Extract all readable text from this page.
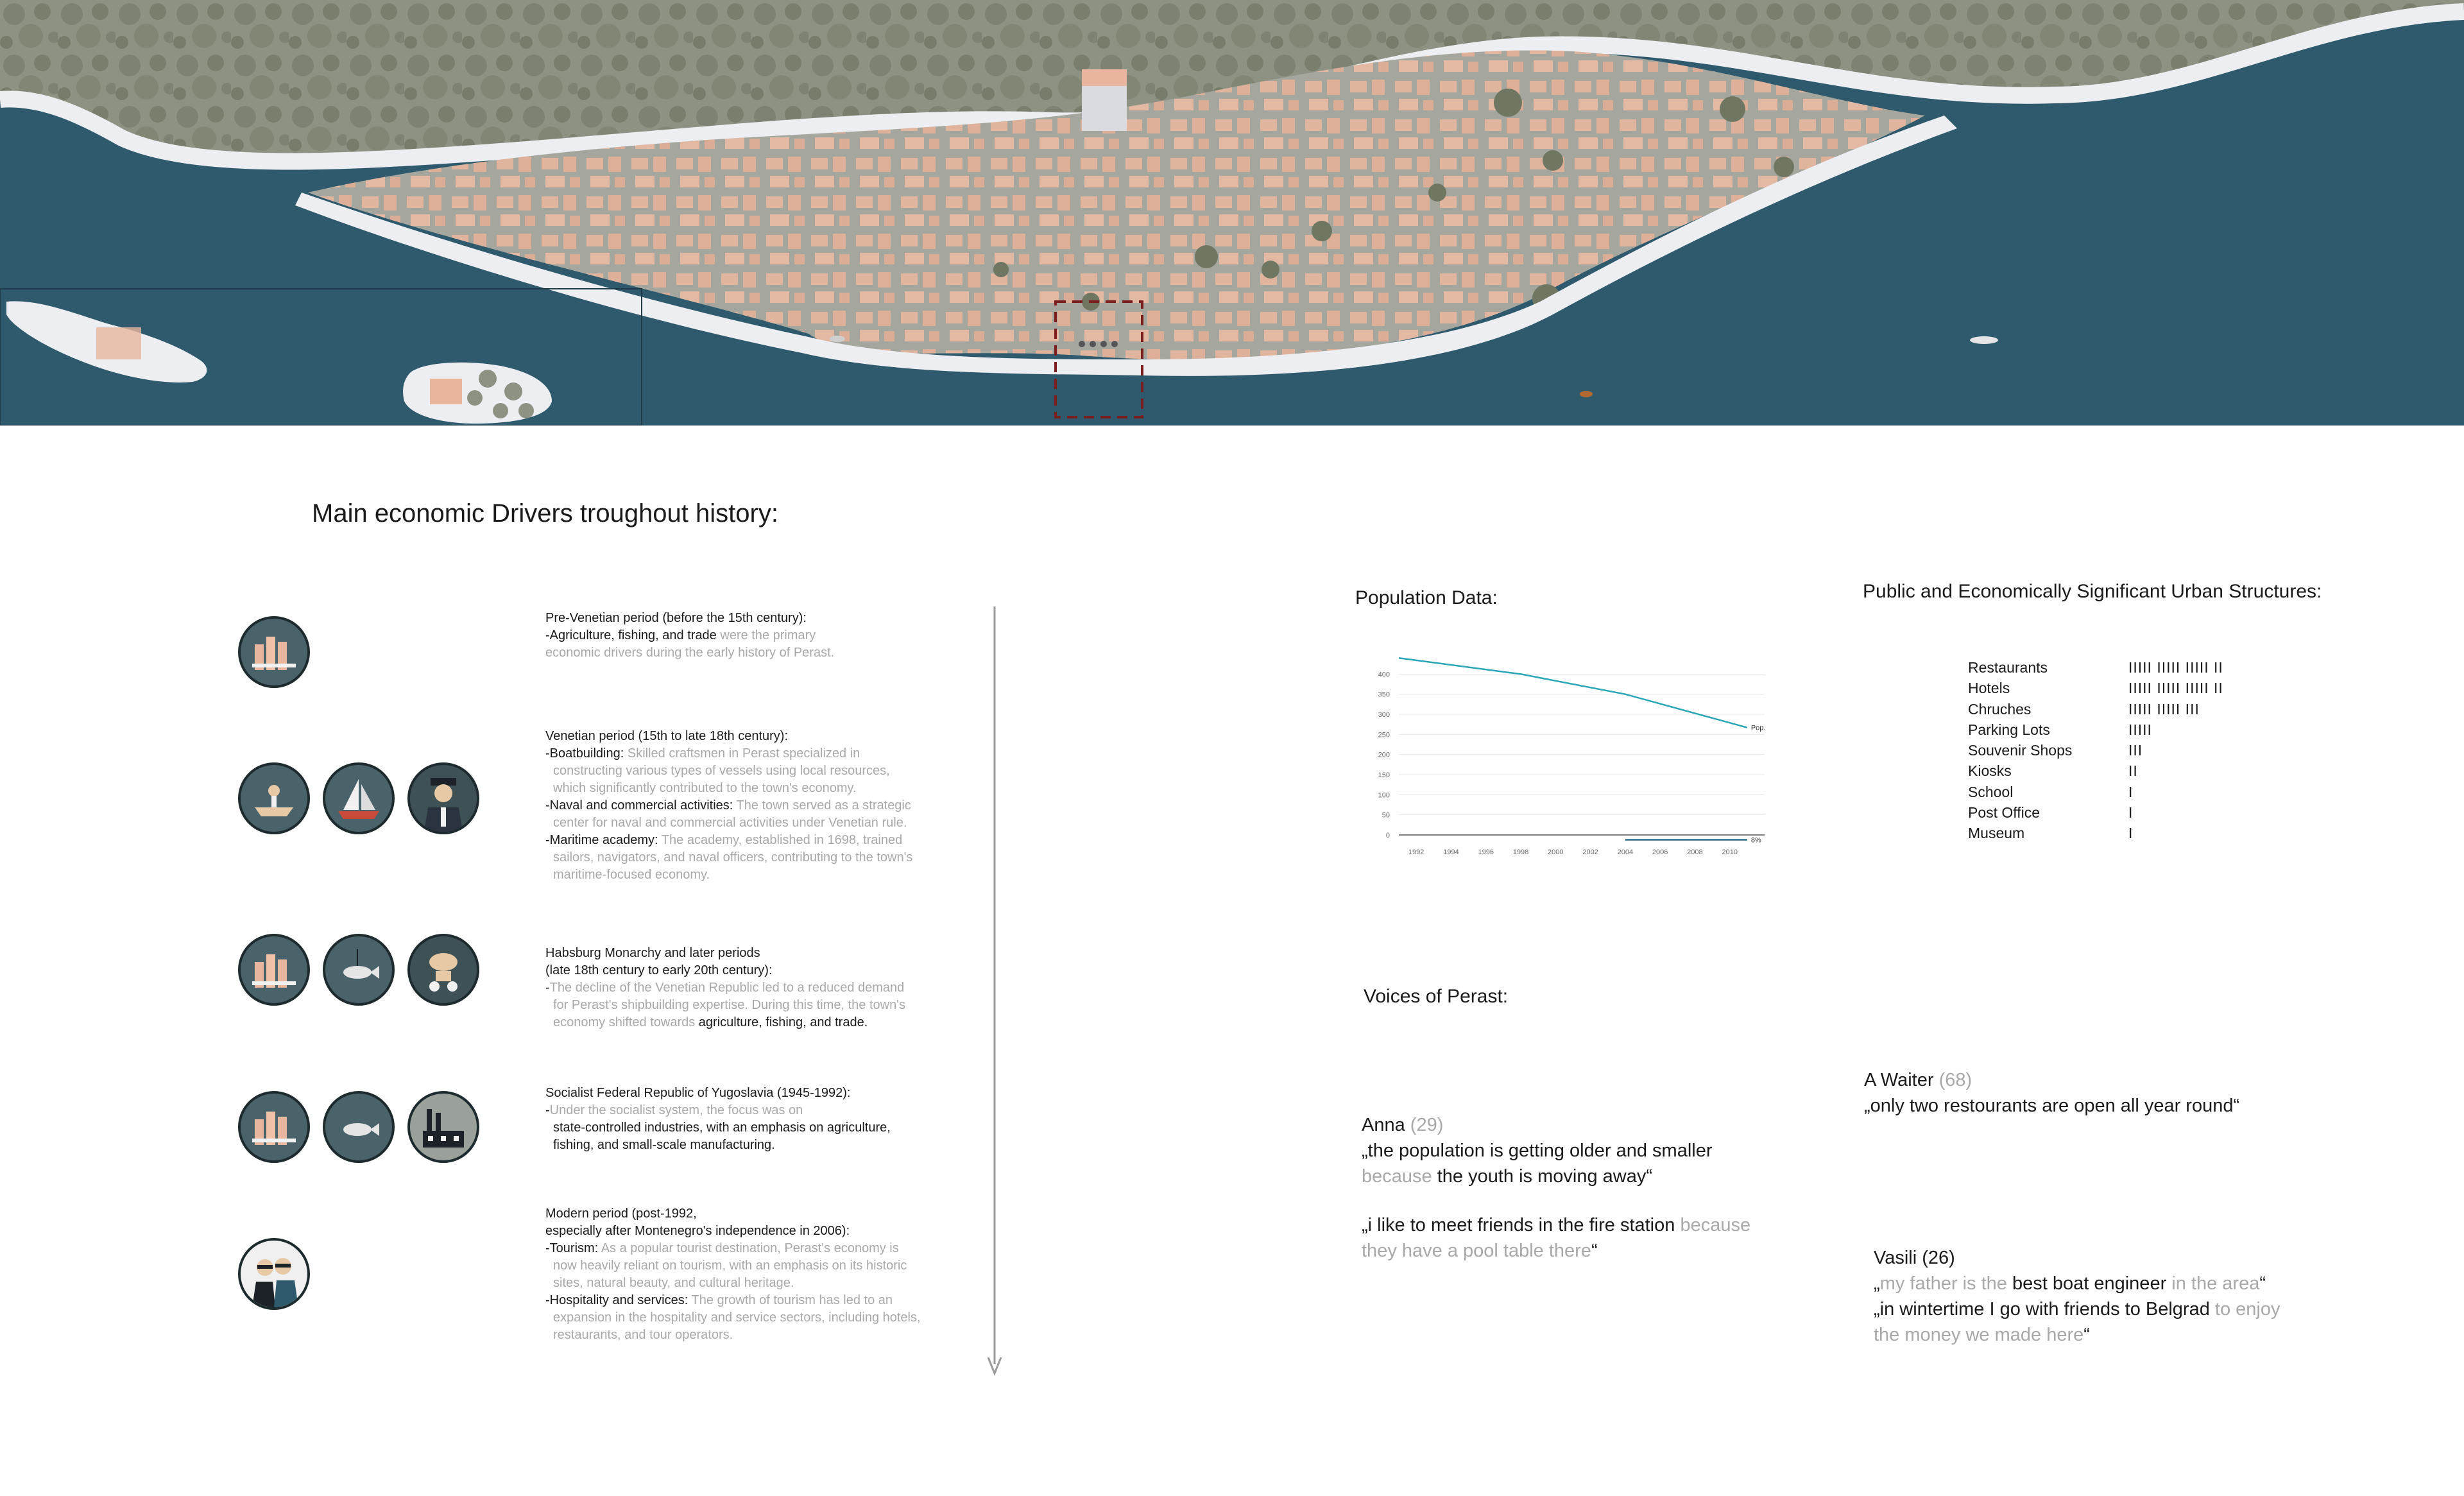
Main economic Drivers troughout history:
Pre-Venetian period (before the 15th century):
-Agriculture, fishing, and trade were the primary
economic drivers during the early history of Perast.
Venetian period (15th to late 18th century):
-Boatbuilding: Skilled craftsmen in Perast specialized in
constructing various types of vessels using local resources,
which significantly contributed to the town's economy.
-Naval and commercial activities: The town served as a strategic
center for naval and commercial activities under Venetian rule.
-Maritime academy: The academy, established in 1698, trained
sailors, navigators, and naval officers, contributing to the town's
maritime-focused economy.
Habsburg Monarchy and later periods
(late 18th century to early 20th century):
-The decline of the Venetian Republic led to a reduced demand
for Perast's shipbuilding expertise. During this time, the town's
economy shifted towards agriculture, fishing, and trade.
Socialist Federal Republic of Yugoslavia (1945-1992):
-Under the socialist system, the focus was on
state-controlled industries, with an emphasis on agriculture,
fishing, and small-scale manufacturing.
Modern period (post-1992,
especially after Montenegro's independence in 2006):
-Tourism: As a popular tourist destination, Perast's economy is
now heavily reliant on tourism, with an emphasis on its historic
sites, natural beauty, and cultural heritage.
-Hospitality and services: The growth of tourism has led to an
expansion in the hospitality and service sectors, including hotels,
restaurants, and tour operators.
Population Data:
0
50
100
150
200
250
300
350
400
1992	1994	1996	1998	2000	2002	2004	2006	2008	2010
Pop.
8%
Public and Economically Significant Urban Structures:
Restaurants	IIIII IIIII IIIII II
Hotels	IIIII IIIII IIIII II
Chruches	IIIII IIIII III
Parking Lots	IIIII
Souvenir Shops	III
Kiosks	II
School	I
Post Office	I
Museum	I
Voices of Perast:
Anna (29)
„the population is getting older and smaller
because the youth is moving away“
„i like to meet friends in the fire station because
they have a pool table there“
A Waiter (68)
„only two restourants are open all year round“
Vasili (26)
„my father is the best boat engineer in the area“
„in wintertime I go with friends to Belgrad to enjoy
the money we made here“
